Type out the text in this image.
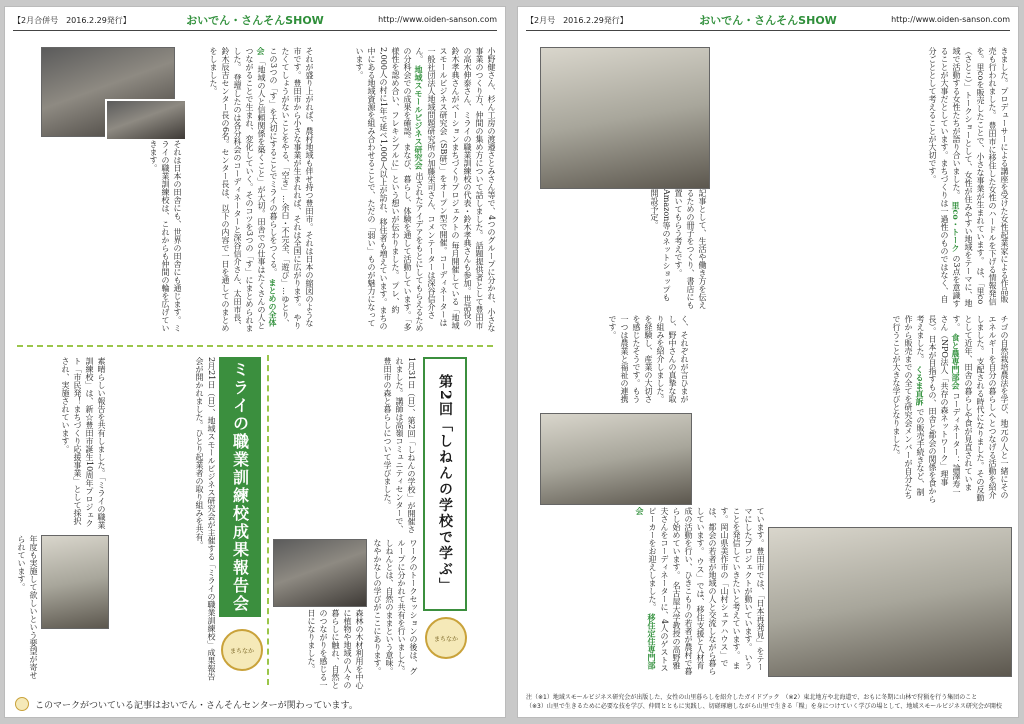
【2月合併号　2016.2.29発行】	おいでん・さんそんSHOW	http://www.oiden-sanson.com
それは日本の田舎にも、世界の田舎にも通じます。ミライの職業訓練校は、これからも仲間の輪を広げていきます。	それが盛り上がれば、農村地域も伴せ持つ豊田市。それは日本の縮図のような市です。豊田市から小さな事業が生まれれば、それは全国に広がります。 やりたくてしょうがないことをやる、「空き」…余白・不完全、「遊び」…ゆとり、この3つの「す」を大切にすることでミライの暮らしをつくる。 まとめの全体会 「地域の人と信頼関係を築くこと」が大切。田舎での仕事はたくさんの人とつながることで生まれ、変化していく。そのコツを3つの「す」にまとめられました。 登壇したのは各分科会のコーディネーターと深谷信介さん、太田市長、鈴木辰吉センター長の6名。センター長は、以下の内容で一日を通してのまとめをしました。	小野健さん、杉ん工房の渡邉さとみさん等で、4つのグループに分かれ、小さな事業のつくり方、仲間の集め方について話しました。 話題提供者として豊田市の高木伸泰さん、ミライの職業訓練校の代表・鈴木孝典さんも参加。世話役の鈴木孝典さんがベーションまちづくりプロジェクトの 毎月開催している「地域スモールビジネス研究会（SB研）」をオープン型で開催。コーディネーターは一般社団法人地域問題研究所の加藤栄司さん、コメンテーターは深谷信介さん。 地域スモールビジネス研究会 出されたアイデアをもとにしてもらえるための分科会での成果を確認。まなび、暮らし、体験を通して活動しています。「多様性を認め合い、フレキシブルに」という想いが伝わりました。 プレ、約2,000人の村に1年で延べ1,000人以上が訪れ、移住者も増えています。まちの中にある地域資源を組み合わせることで、ただの「弱い」ものが魅力になっています。
第2回「しねんの学校で学ぶ」
まちなか
1月31日（日）、第2回「しねんの学校」が開催されました。講師は高嶺コミュニティセンターで、豊田市の森と暮らしについて学びました。
ワークのトークセッションの後は、グループに分かれて共有を行いました。しねんとは、自然のままという意味。なやかなしの学びがここにあります。
森林の木材利用を中心に植物や地域の人々の暮らしに触れ、自然とのつながりを感じる一日になりました。
ミライの職業訓練校成果報告会
まちなか
2月21日（日）、地域スモールビジネス研究会が主催する「ミライの職業訓練校」成果報告会が開かれました。ひとり起業者の取り組みを共有。
素晴らしい報告を共有しました。「ミライの職業訓練校」は、新☆豊田市誕生10周年プロジェクト「市民発！まちづくり応援事業」として採択され、実施されています。
年度も実施して欲しいという要望が寄せられています。
このマークがついている記事はおいでん・さんそんセンターが関わっています。
【2月号　2016.2.29発行】	おいでん・さんそんSHOW	http://www.oiden-sanson.com
記事として、生活や働き方を伝えるための冊子をつくり、書店にも置いてもらう考えです。Amazon等のネットショップも開設予定。	きました。プロデューサーによる講座を受けた女性起業家による作品販売も行われました。 豊田市に移住した女性のハードルを下げる情報発信を。里coを販売したことで、小さな事業が生まれています。 は、「里co（さとこ）」トークショーとして、女性が住みやすい地域をテーマに、地域で活動する女性たちが語り合いました。 里co・トーク の3点を意識することが大事だとしています。まちづくりは一過性のものではなく、自分ごととして考えることが大切です。
く、それぞれが言ひまがし、野中さんの真摯な取り組みを紹介しました。 を経験し、産業の大切さを感じたそうです。もう一つは農業と福祉の連携です。	チゴの自然栽培農法を学び、地元の人と一緒にそのエネルギーを自分の暮らしへとつなげる活動を紹介しました。 支配される時代になりました。その反動として近年、田舎の暮らしや食が見直されています。 食と農専門部会 コーディネーター：論澤寿一さん（NPO法人「共存の森ネットワーク」理事長）。日本が目指すもの、田舎と都会の関係を食から考えました。 くるま直訴 での販売手続きなど、制作から販売までの全てを研究会メンバーが自分たちで行うことが大きな学びとなりました。
ています。豊田市では、「日本再発見」をテーマにしたプロジェクトが動いています。 いうことを発信していきたいと考えています。 ます。岡山県美作市の「山村シェアハウス」では、都会の若者が地域の人と交流しながら暮らしています。 ウス」では、移住支援と人材育成の活動を行い、ひきこもりの若者が農村で暮らし始めています。 名古屋大学教授の高野雅夫さんをコーディネーターに、4人のゲストスピーカーをお迎えしました。 移住定住専門部会
注（※1）地域スモールビジネス研究会が出版した、女性の山里暮らしを紹介したガイドブック　（※2）東北地方や北海道で、おもに冬期に山林で狩猟を行う集団のこと
（※3）山里で生きるために必要な技を学び、仲間とともに実践し、切磋琢磨しながら山里で生きる「糧」を身につけていく学びの場として、地域スモールビジネス研究会が開校
